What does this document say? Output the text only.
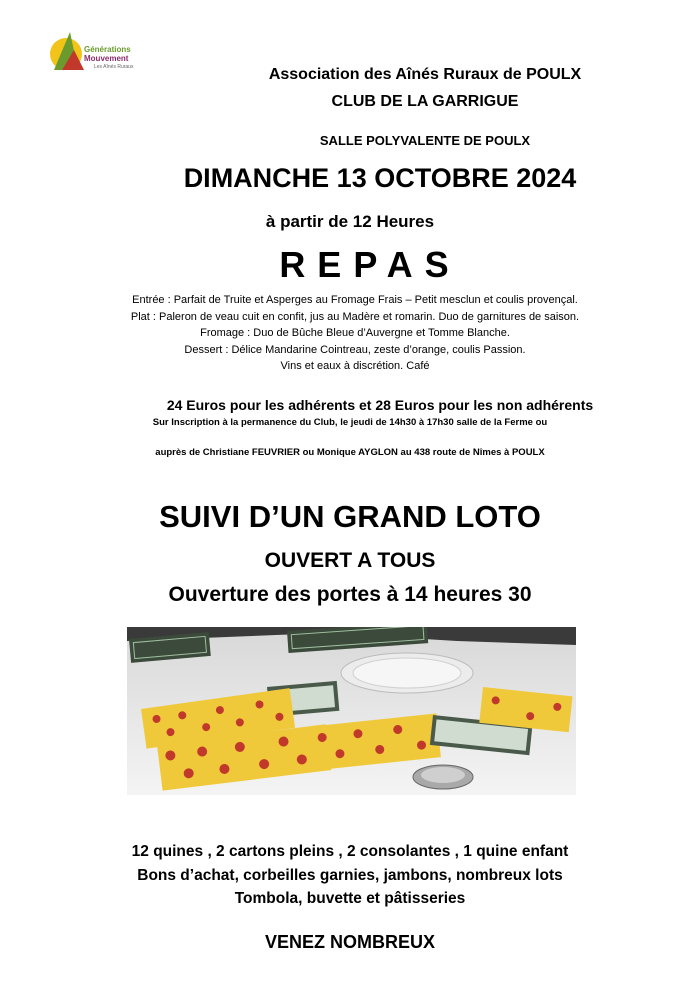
Générations
Mouvement
Les Aînés Ruraux	Association des Aînés Ruraux de POULX
CLUB DE LA GARRIGUE
SALLE POLYVALENTE DE POULX
DIMANCHE 13 OCTOBRE 2024
à partir de 12 Heures
REPAS
Entrée : Parfait de Truite et Asperges au Fromage Frais – Petit mesclun et coulis provençal.
Plat : Paleron de veau cuit en confit, jus au Madère et romarin. Duo de garnitures de saison.
Fromage : Duo de Bûche Bleue d’Auvergne et Tomme Blanche.
Dessert : Délice Mandarine Cointreau, zeste d’orange, coulis Passion.
Vins et eaux à discrétion. Café
24 Euros pour les adhérents et 28 Euros pour les non adhérents
Sur Inscription à la permanence du Club, le jeudi de 14h30 à 17h30 salle de la Ferme ou
auprès de Christiane FEUVRIER ou Monique AYGLON au 438 route de Nîmes à POULX
SUIVI D’UN GRAND LOTO
OUVERT A TOUS
Ouverture des portes à 14 heures 30
12 quines , 2 cartons pleins , 2 consolantes , 1 quine enfant
Bons d’achat, corbeilles garnies, jambons, nombreux lots
Tombola, buvette et pâtisseries
VENEZ NOMBREUX
